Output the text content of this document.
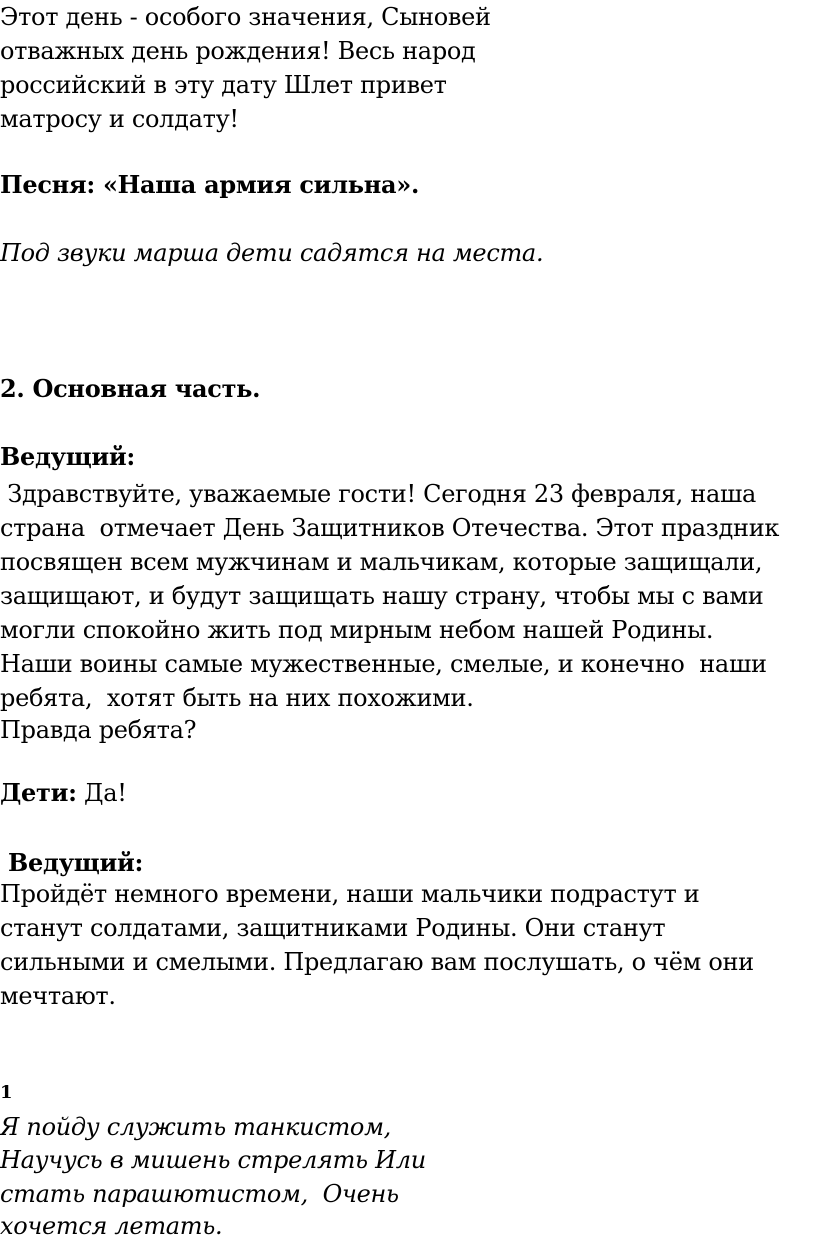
Этот день - особого значения, Сыновей
отважных день рождения! Весь народ
российский в эту дату Шлет привет
матросу и солдату!
Песня: «Наша армия сильна».
Под звуки марша дети садятся на места.
2. Основная часть.
Ведущий:
Здравствуйте, уважаемые гости! Сегодня 23 февраля, наша
страна  отмечает День Защитников Отечества. Этот праздник
посвящен всем мужчинам и мальчикам, которые защищали,
защищают, и будут защищать нашу страну, чтобы мы с вами
могли спокойно жить под мирным небом нашей Родины.
Наши воины самые мужественные, смелые, и конечно  наши
ребята,  хотят быть на них похожими.
Правда ребята?
Дети: Да!
Ведущий:
Пройдёт немного времени, наши мальчики подрастут и
станут солдатами, защитниками Родины. Они станут
сильными и смелыми. Предлагаю вам послушать, о чём они
мечтают.
1
Я пойду служить танкистом,
Научусь в мишень стрелять Или
стать парашютистом,  Очень
хочется летать.
